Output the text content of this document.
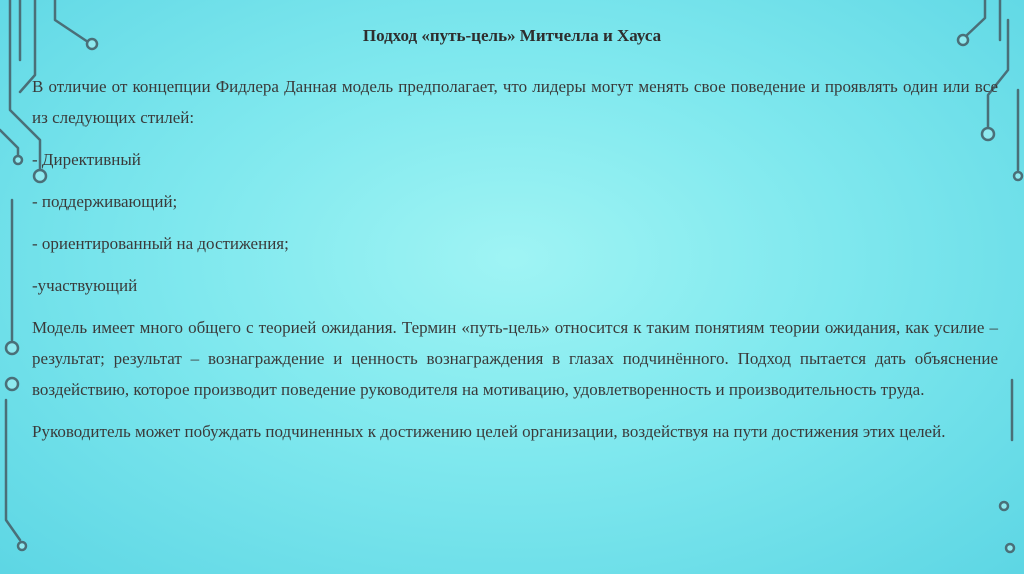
Подход «путь-цель» Митчелла и Хауса

В отличие от концепции Фидлера Данная модель предполагает, что лидеры могут менять свое поведение и проявлять один или все из следующих стилей:

- Директивный

- поддерживающий;

- ориентированный на достижения;

-участвующий

Модель имеет много общего с теорией ожидания. Термин «путь-цель» относится к таким понятиям теории ожидания, как усилие – результат; результат – вознаграждение и ценность вознаграждения в глазах подчинённого. Подход пытается дать объяснение воздействию, которое производит поведение руководителя на мотивацию, удовлетворенность и производительность труда.

Руководитель может побуждать подчиненных к достижению целей организации, воздействуя на пути достижения этих целей.
